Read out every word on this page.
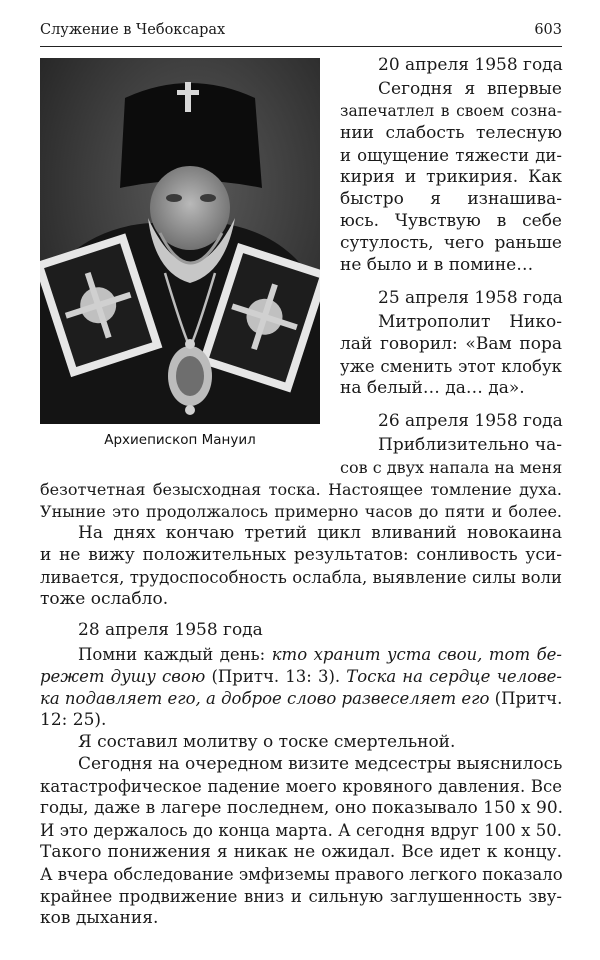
Служение в Чебоксарах	603
Архиепископ Мануил

20 апреля 1958 года

Сегодня я впервые

запечатлел в своем созна-

нии слабость телесную

и ощущение тяжести ди-

кирия и трикирия. Как

быстро я изнашива-

юсь. Чувствую в себе

сутулость, чего раньше

не было и в помине…

25 апреля 1958 года

Митрополит Нико-

лай говорил: «Вам пора

уже сменить этот клобук

на белый… да… да».

26 апреля 1958 года

Приблизительно ча-

сов с двух напала на меня

безотчетная безысходная тоска. Настоящее томление духа.

Уныние это продолжалось примерно часов до пяти и более.

На днях кончаю третий цикл вливаний новокаина

и не вижу положительных результатов: сонливость уси-

ливается, трудоспособность ослабла, выявление силы воли

тоже ослабло.

28 апреля 1958 года

Помни каждый день: кто хранит уста свои, тот бе-

режет душу свою (Притч. 13: 3). Тоска на сердце челове-

ка подавляет его, а доброе слово развеселяет его (Притч.

12: 25).

Я составил молитву о тоске смертельной.

Сегодня на очередном визите медсестры выяснилось

катастрофическое падение моего кровяного давления. Все

годы, даже в лагере последнем, оно показывало 150 x 90.

И это держалось до конца марта. А сегодня вдруг 100 x 50.

Такого понижения я никак не ожидал. Все идет к концу.

А вчера обследование эмфиземы правого легкого показало

крайнее продвижение вниз и сильную заглушенность зву-

ков дыхания.
